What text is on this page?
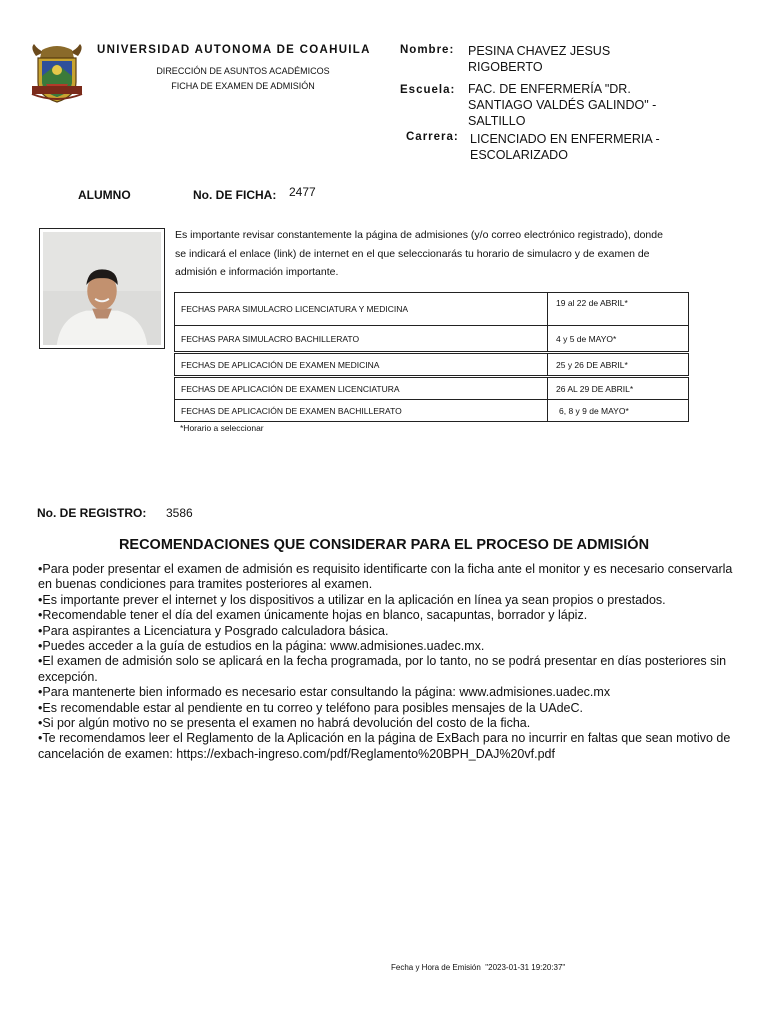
UNIVERSIDAD AUTONOMA DE COAHUILA
DIRECCIÓN DE ASUNTOS ACADÉMICOS
FICHA DE EXAMEN DE ADMISIÓN
Nombre: PESINA CHAVEZ JESUS RIGOBERTO
Escuela: FAC. DE ENFERMERÍA "DR. SANTIAGO VALDÉS GALINDO" - SALTILLO
Carrera: LICENCIADO EN ENFERMERIA - ESCOLARIZADO
ALUMNO	No. DE FICHA: 2477
Es importante revisar constantemente la página de admisiones (y/o correo electrónico registrado), donde se indicará el enlace (link) de internet en el que seleccionarás tu horario de simulacro y de examen de admisión e información importante.
FECHAS PARA SIMULACRO LICENCIATURA Y MEDICINA
19 al 22 de ABRIL*
FECHAS PARA SIMULACRO BACHILLERATO	4 y 5 de MAYO*
FECHAS DE APLICACIÓN DE EXAMEN MEDICINA	25 y 26 DE ABRIL*
FECHAS DE APLICACIÓN DE EXAMEN LICENCIATURA	26 AL 29 DE ABRIL*
FECHAS DE APLICACIÓN DE EXAMEN BACHILLERATO	6, 8 y 9 de MAYO*
*Horario a seleccionar
No. DE REGISTRO: 3586
RECOMENDACIONES QUE CONSIDERAR PARA EL PROCESO DE ADMISIÓN
• Para poder presentar el examen de admisión es requisito identificarte con la ficha ante el monitor y es necesario conservarla en buenas condiciones para tramites posteriores al examen.
• Es importante prever el internet y los dispositivos a utilizar en la aplicación en línea ya sean propios o prestados.
• Recomendable tener el día del examen únicamente hojas en blanco, sacapuntas, borrador y lápiz.
• Para aspirantes a Licenciatura y Posgrado calculadora básica.
• Puedes acceder a la guía de estudios en la página: www.admisiones.uadec.mx.
• El examen de admisión solo se aplicará en la fecha programada, por lo tanto, no se podrá presentar en días posteriores sin excepción.
• Para mantenerte bien informado es necesario estar consultando la página: www.admisiones.uadec.mx
• Es recomendable estar al pendiente en tu correo y teléfono para posibles mensajes de la UAdeC.
• Si por algún motivo no se presenta el examen no habrá devolución del costo de la ficha.
• Te recomendamos leer el Reglamento de la Aplicación en la página de ExBach para no incurrir en faltas que sean motivo de cancelación de examen: https://exbach-ingreso.com/pdf/Reglamento%20BPH_DAJ%20vf.pdf
Fecha y Hora de Emisión "2023-01-31 19:20:37"
